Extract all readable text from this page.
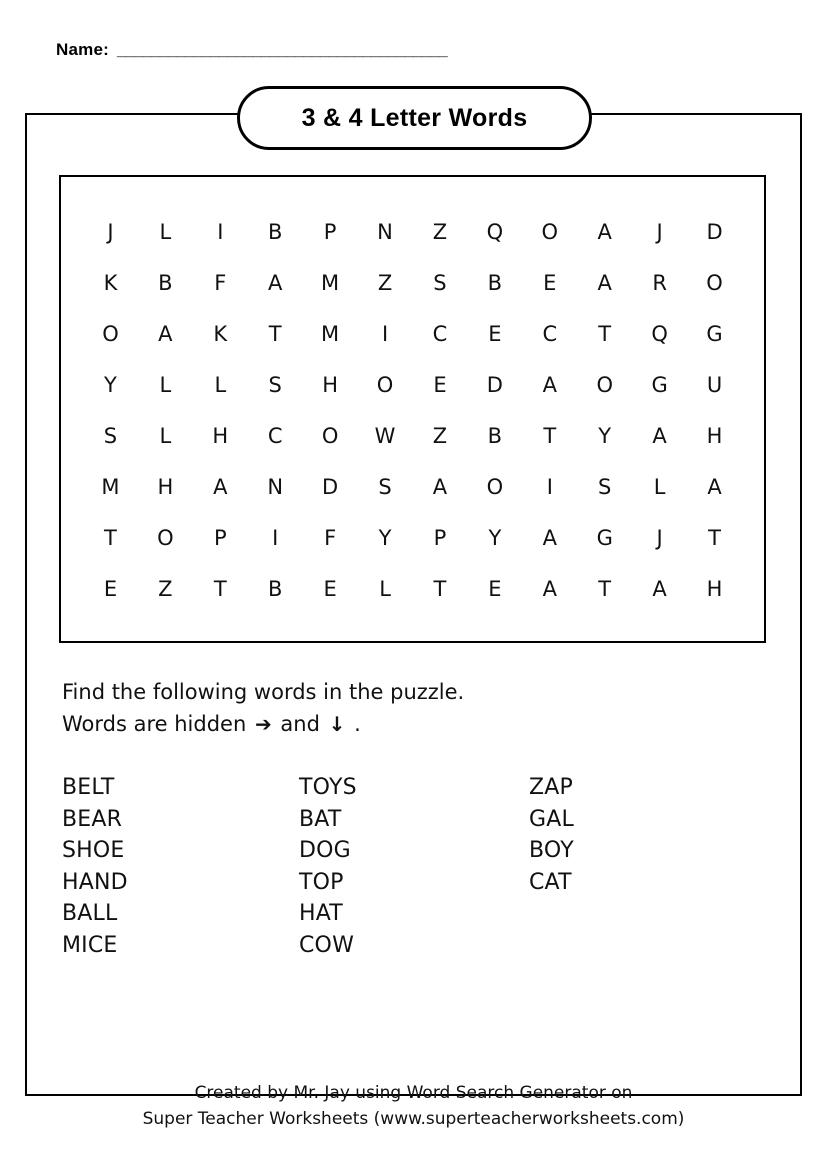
Name: _______________________________________
3 & 4 Letter Words
J L I B P N Z Q O A J D
K B F A M Z S B E A R O
O A K T M I C E C T Q G
Y L L S H O E D A O G U
S L H C O W Z B T Y A H
M H A N D S A O I S L A
T O P I F Y P Y A G J T
E Z T B E L T E A T A H
Find the following words in the puzzle.
Words are hidden ➔ and ↓ .
BELT
BEAR
SHOE
HAND
BALL
MICE
TOYS
BAT
DOG
TOP
HAT
COW
ZAP
GAL
BOY
CAT
Created by Mr. Jay using Word Search Generator on
Super Teacher Worksheets (www.superteacherworksheets.com)
